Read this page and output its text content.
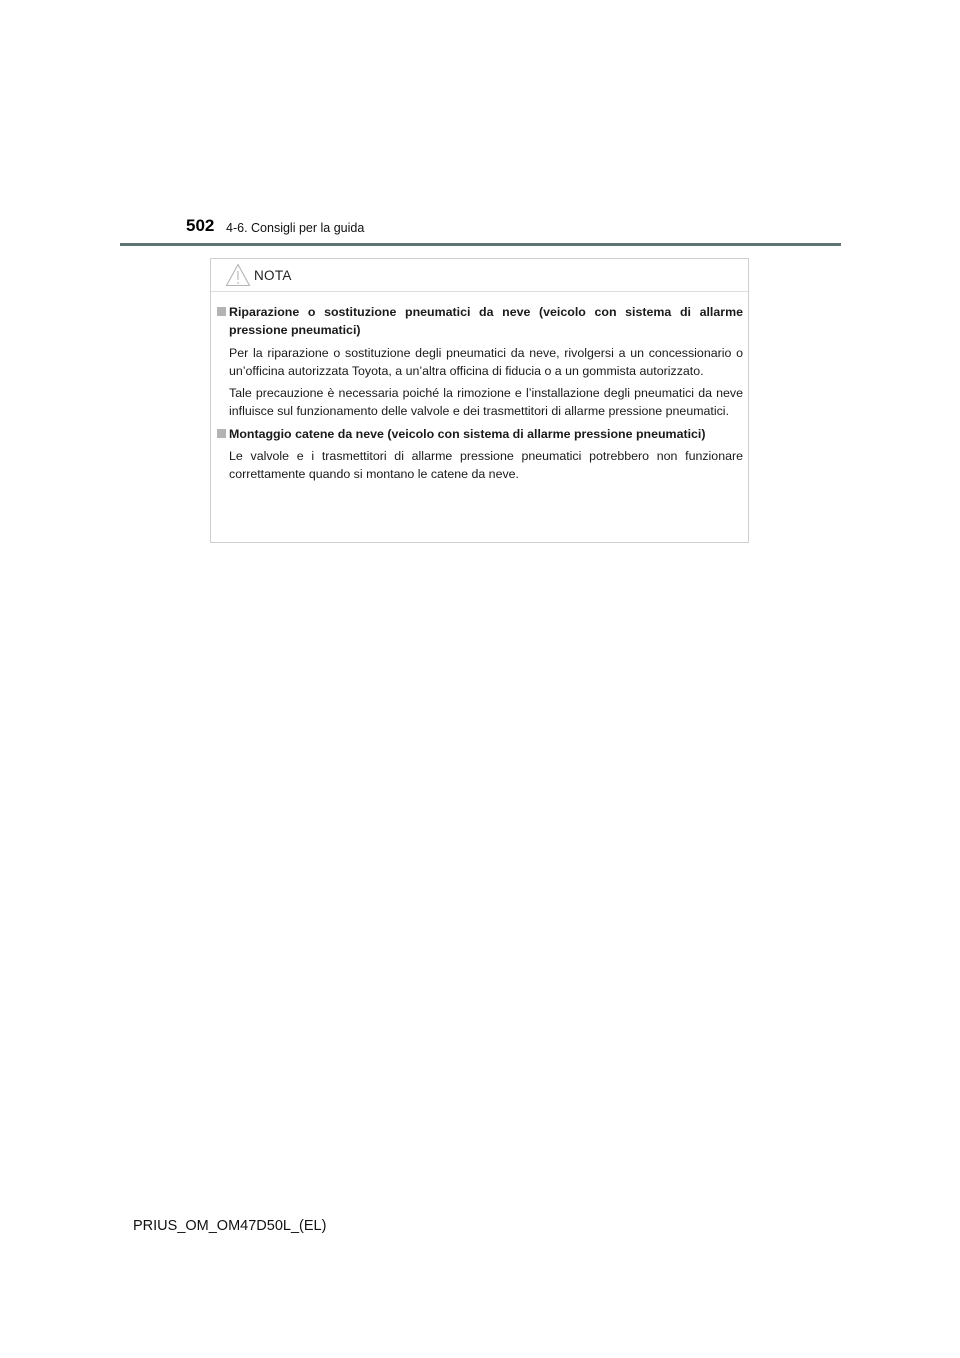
502 4-6. Consigli per la guida
NOTA
Riparazione o sostituzione pneumatici da neve (veicolo con sistema di allarme pressione pneumatici)
Per la riparazione o sostituzione degli pneumatici da neve, rivolgersi a un concessionario o un’officina autorizzata Toyota, a un’altra officina di fiducia o a un gommista autorizzato.
Tale precauzione è necessaria poiché la rimozione e l’installazione degli pneumatici da neve influisce sul funzionamento delle valvole e dei trasmettitori di allarme pressione pneumatici.
Montaggio catene da neve (veicolo con sistema di allarme pressione pneumatici)
Le valvole e i trasmettitori di allarme pressione pneumatici potrebbero non funzionare correttamente quando si montano le catene da neve.
PRIUS_OM_OM47D50L_(EL)
